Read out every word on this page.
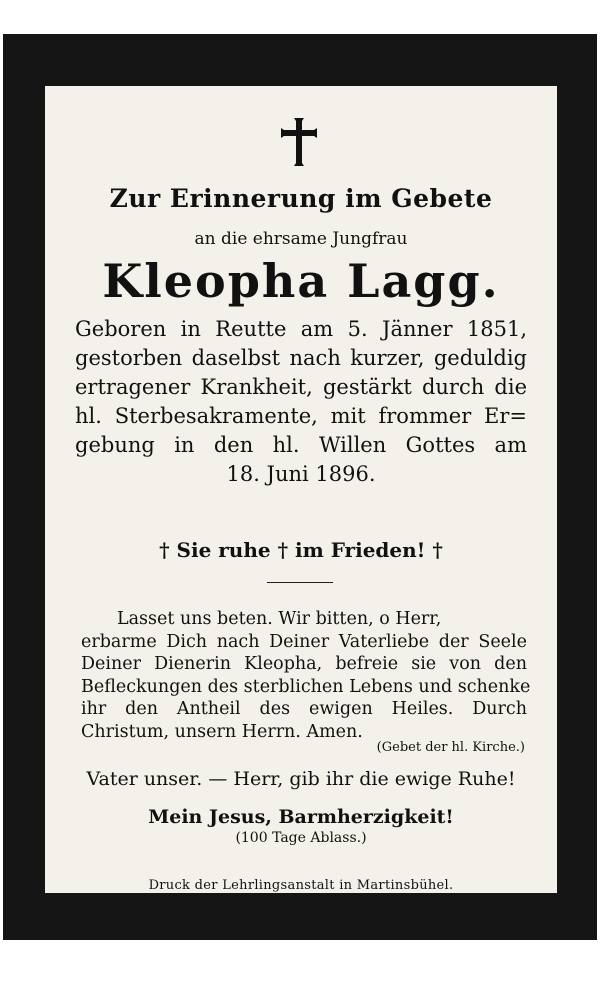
Zur Erinnerung im Gebete
an die ehrsame Jungfrau
Kleopha Lagg.
Geboren in Reutte am 5. Jänner 1851,
gestorben daselbst nach kurzer, geduldig
ertragener Krankheit, gestärkt durch die
hl. Sterbesakramente, mit frommer Er=
gebung in den hl. Willen Gottes am
18. Juni 1896.
† Sie ruhe † im Frieden! †
Lasset uns beten. Wir bitten, o Herr,
erbarme Dich nach Deiner Vaterliebe der Seele
Deiner Dienerin Kleopha, befreie sie von den
Befleckungen des sterblichen Lebens und schenke
ihr den Antheil des ewigen Heiles. Durch
Christum, unsern Herrn. Amen.
(Gebet der hl. Kirche.)
Vater unser. — Herr, gib ihr die ewige Ruhe!
Mein Jesus, Barmherzigkeit!
(100 Tage Ablass.)
Druck der Lehrlingsanstalt in Martinsbühel.
